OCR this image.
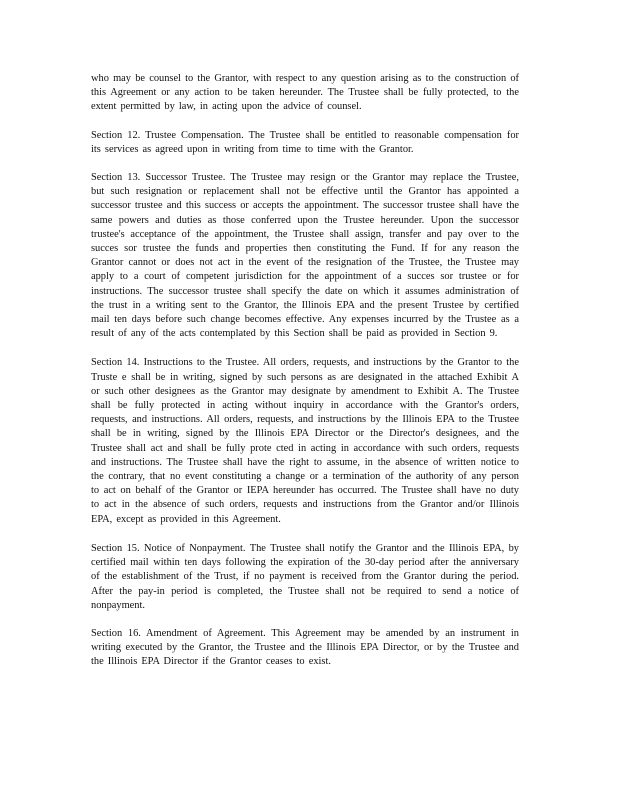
who may be counsel to the Grantor, with respect to any question arising as to the construction of this Agreement or any action to be taken hereunder. The Trustee shall be fully protected, to the extent permitted by law, in acting upon the advice of counsel.

Section 12. Trustee Compensation. The Trustee shall be entitled to reasonable compensation for its services as agreed upon in writing from time to time with the Grantor.

Section 13. Successor Trustee. The Trustee may resign or the Grantor may replace the Trustee, but such resignation or replacement shall not be effective until the Grantor has appointed a successor trustee and this success or accepts the appointment. The successor trustee shall have the same powers and duties as those conferred upon the Trustee hereunder. Upon the successor trustee's acceptance of the appointment, the Trustee shall assign, transfer and pay over to the succes sor trustee the funds and properties then constituting the Fund. If for any reason the Grantor cannot or does not act in the event of the resignation of the Trustee, the Trustee may apply to a court of competent jurisdiction for the appointment of a succes sor trustee or for instructions. The successor trustee shall specify the date on which it assumes administration of the trust in a writing sent to the Grantor, the Illinois EPA and the present Trustee by certified mail ten days before such change becomes effective. Any expenses incurred by the Trustee as a result of any of the acts contemplated by this Section shall be paid as provided in Section 9.

Section 14. Instructions to the Trustee. All orders, requests, and instructions by the Grantor to the Truste e shall be in writing, signed by such persons as are designated in the attached Exhibit A or such other designees as the Grantor may designate by amendment to Exhibit A. The Trustee shall be fully protected in acting without inquiry in accordance with the Grantor's orders, requests, and instructions. All orders, requests, and instructions by the Illinois EPA to the Trustee shall be in writing, signed by the Illinois EPA Director or the Director's designees, and the Trustee shall act and shall be fully prote cted in acting in accordance with such orders, requests and instructions. The Trustee shall have the right to assume, in the absence of written notice to the contrary, that no event constituting a change or a termination of the authority of any person to act on behalf of the Grantor or IEPA hereunder has occurred. The Trustee shall have no duty to act in the absence of such orders, requests and instructions from the Grantor and/or Illinois EPA, except as provided in this Agreement.

Section 15. Notice of Nonpayment. The Trustee shall notify the Grantor and the Illinois EPA, by certified mail within ten days following the expiration of the 30-day period after the anniversary of the establishment of the Trust, if no payment is received from the Grantor during the period. After the pay-in period is completed, the Trustee shall not be required to send a notice of nonpayment.

Section 16. Amendment of Agreement. This Agreement may be amended by an instrument in writing executed by the Grantor, the Trustee and the Illinois EPA Director, or by the Trustee and the Illinois EPA Director if the Grantor ceases to exist.
